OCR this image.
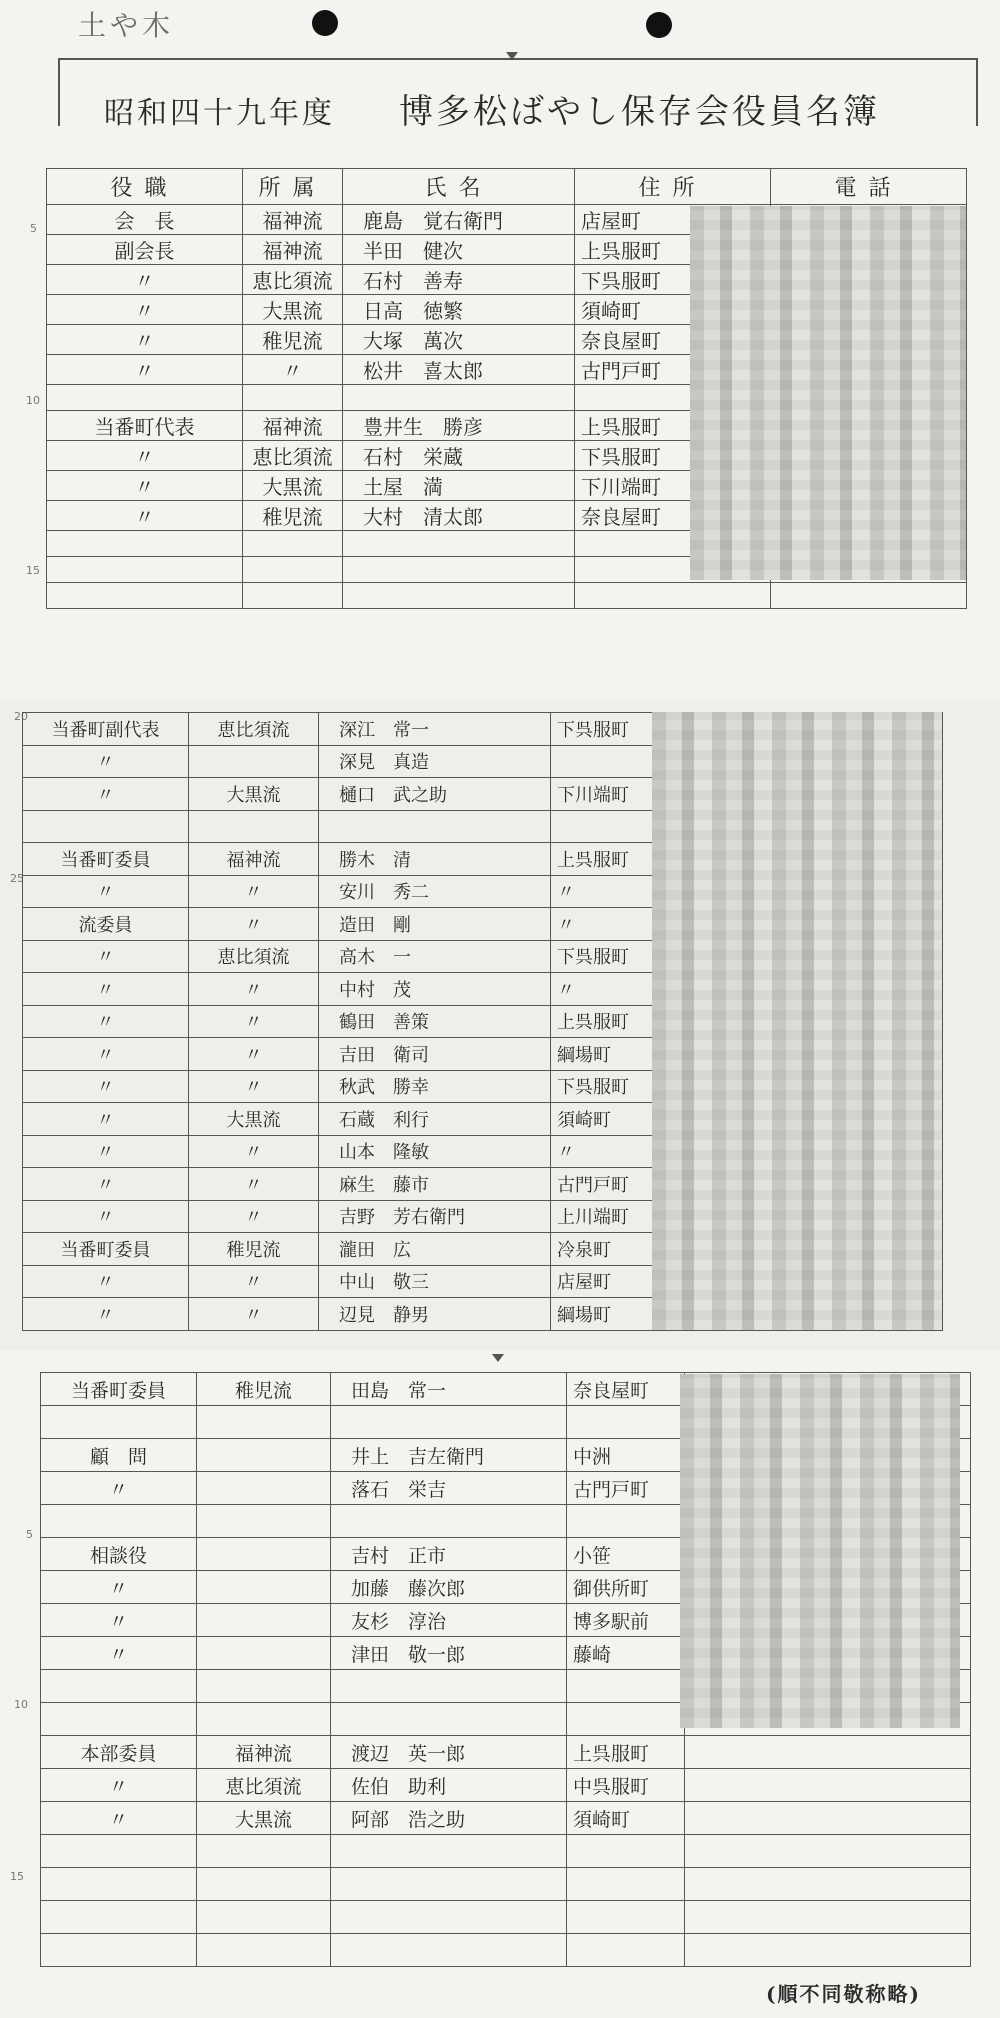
土や木
昭和四十九年度 博多松ばやし保存会役員名簿
5
10
15
役職	所属	氏名	住所	電話
会　長	福神流	鹿島　覚右衛門	店屋町	
副会長	福神流	半田　健次	上呉服町	
〃	恵比須流	石村　善寿	下呉服町	
〃	大黒流	日高　徳繁	須崎町	
〃	稚児流	大塚　萬次	奈良屋町	
〃	〃	松井　喜太郎	古門戸町	

当番町代表	福神流	豊井生　勝彦	上呉服町	
〃	恵比須流	石村　栄蔵	下呉服町	
〃	大黒流	土屋　満	下川端町	
〃	稚児流	大村　清太郎	奈良屋町	

20
25
当番町副代表	恵比須流	深江　常一	下呉服町	
〃		深見　真造		
〃	大黒流	樋口　武之助	下川端町	

当番町委員	福神流	勝木　清	上呉服町	
〃	〃	安川　秀二	〃	
流委員	〃	造田　剛	〃	
〃	恵比須流	高木　一	下呉服町	
〃	〃	中村　茂	〃	
〃	〃	鶴田　善策	上呉服町	
〃	〃	吉田　衛司	綱場町	
〃	〃	秋武　勝幸	下呉服町	
〃	大黒流	石蔵　利行	須崎町	
〃	〃	山本　隆敏	〃	
〃	〃	麻生　藤市	古門戸町	
〃	〃	吉野　芳右衛門	上川端町	
当番町委員	稚児流	瀧田　広	冷泉町	
〃	〃	中山　敬三	店屋町	
〃	〃	辺見　静男	綱場町	
5
10
15
当番町委員	稚児流	田島　常一	奈良屋町	

顧　問		井上　吉左衛門	中洲	
〃		落石　栄吉	古門戸町	

相談役		吉村　正市	小笹	
〃		加藤　藤次郎	御供所町	
〃		友杉　淳治	博多駅前	
〃		津田　敬一郎	藤崎	

本部委員	福神流	渡辺　英一郎	上呉服町	
〃	恵比須流	佐伯　助利	中呉服町	
〃	大黒流	阿部　浩之助	須崎町	

(順不同敬称略)
